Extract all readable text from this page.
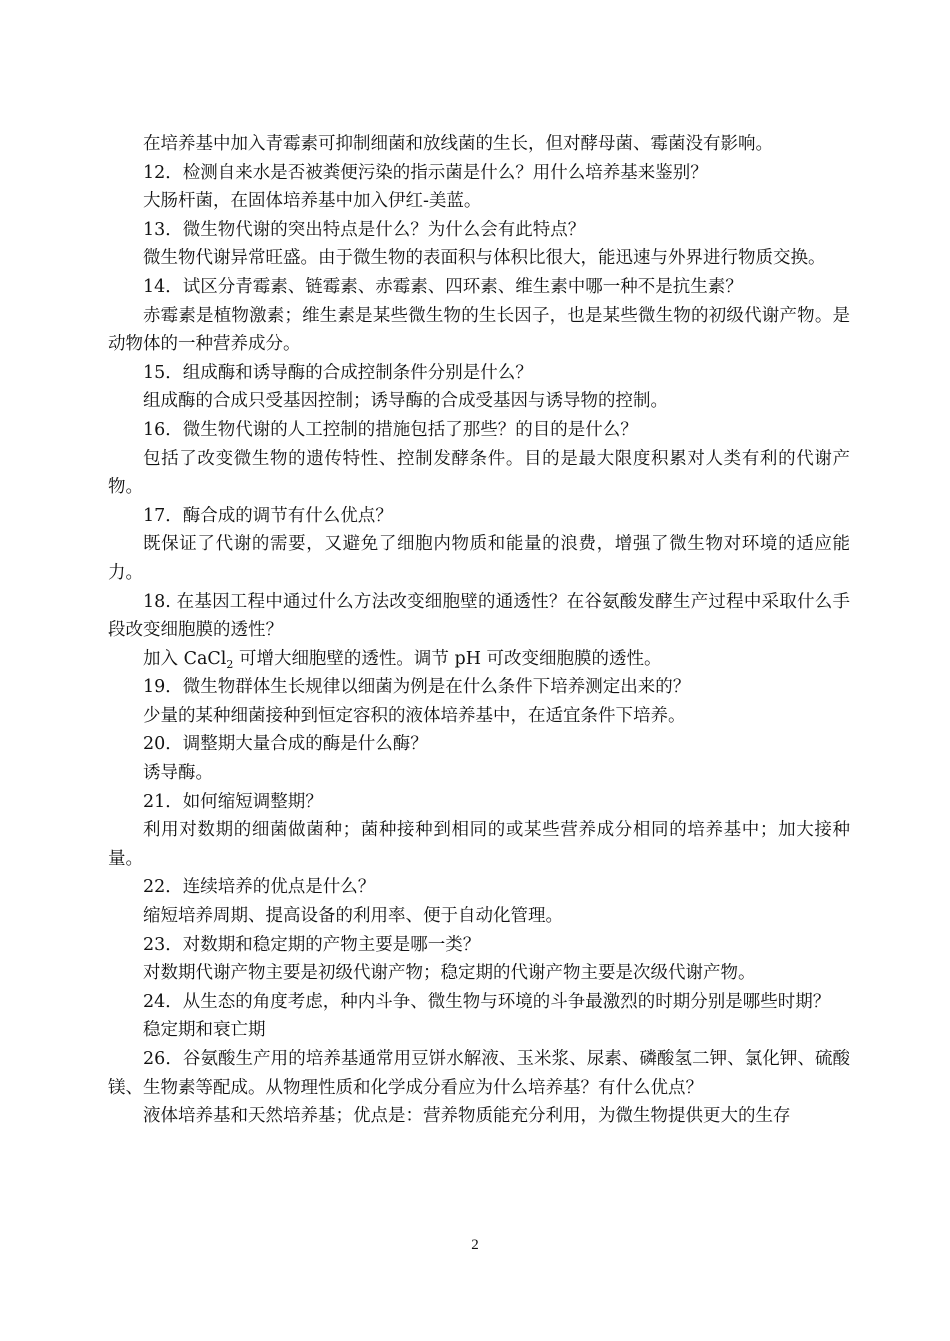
在培养基中加入青霉素可抑制细菌和放线菌的生长，但对酵母菌、霉菌没有影响。

12．检测自来水是否被粪便污染的指示菌是什么？用什么培养基来鉴别？

大肠杆菌，在固体培养基中加入伊红-美蓝。

13．微生物代谢的突出特点是什么？为什么会有此特点？

微生物代谢异常旺盛。由于微生物的表面积与体积比很大，能迅速与外界进行物质交换。

14．试区分青霉素、链霉素、赤霉素、四环素、维生素中哪一种不是抗生素？

赤霉素是植物激素；维生素是某些微生物的生长因子，也是某些微生物的初级代谢产物。是动物体的一种营养成分。

15．组成酶和诱导酶的合成控制条件分别是什么？

组成酶的合成只受基因控制；诱导酶的合成受基因与诱导物的控制。

16．微生物代谢的人工控制的措施包括了那些？的目的是什么？

包括了改变微生物的遗传特性、控制发酵条件。目的是最大限度积累对人类有利的代谢产物。

17．酶合成的调节有什么优点？

既保证了代谢的需要，又避免了细胞内物质和能量的浪费，增强了微生物对环境的适应能力。

18. 在基因工程中通过什么方法改变细胞壁的通透性？在谷氨酸发酵生产过程中采取什么手段改变细胞膜的透性？

加入 CaCl$_2$ 可增大细胞壁的透性。调节 pH 可改变细胞膜的透性。

19．微生物群体生长规律以细菌为例是在什么条件下培养测定出来的？

少量的某种细菌接种到恒定容积的液体培养基中，在适宜条件下培养。

20．调整期大量合成的酶是什么酶？

诱导酶。

21．如何缩短调整期？

利用对数期的细菌做菌种；菌种接种到相同的或某些营养成分相同的培养基中；加大接种量。

22．连续培养的优点是什么？

缩短培养周期、提高设备的利用率、便于自动化管理。

23．对数期和稳定期的产物主要是哪一类？

对数期代谢产物主要是初级代谢产物；稳定期的代谢产物主要是次级代谢产物。

24．从生态的角度考虑，种内斗争、微生物与环境的斗争最激烈的时期分别是哪些时期？

稳定期和衰亡期

26．谷氨酸生产用的培养基通常用豆饼水解液、玉米浆、尿素、磷酸氢二钾、氯化钾、硫酸镁、生物素等配成。从物理性质和化学成分看应为什么培养基？有什么优点？

液体培养基和天然培养基；优点是：营养物质能充分利用，为微生物提供更大的生存

2
